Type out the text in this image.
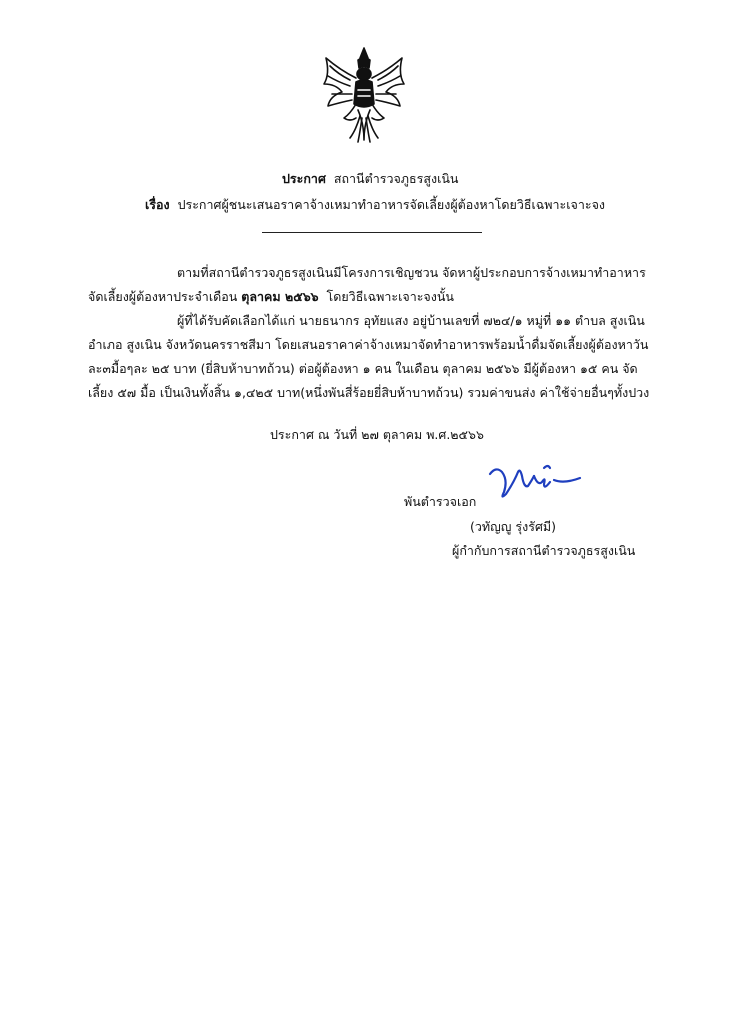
ประกาศ สถานีตำรวจภูธรสูงเนิน
เรื่อง ประกาศผู้ชนะเสนอราคาจ้างเหมาทำอาหารจัดเลี้ยงผู้ต้องหาโดยวิธีเฉพาะเจาะจง
ตามที่สถานีตำรวจภูธรสูงเนินมีโครงการเชิญชวน จัดหาผู้ประกอบการจ้างเหมาทำอาหาร
จัดเลี้ยงผู้ต้องหาประจำเดือน ตุลาคม ๒๕๖๖ โดยวิธีเฉพาะเจาะจงนั้น
ผู้ที่ได้รับคัดเลือกได้แก่ นายธนากร อุทัยแสง อยู่บ้านเลขที่ ๗๒๔/๑ หมู่ที่ ๑๑ ตำบล สูงเนิน
อำเภอ สูงเนิน จังหวัดนครราชสีมา โดยเสนอราคาค่าจ้างเหมาจัดทำอาหารพร้อมน้ำดื่มจัดเลี้ยงผู้ต้องหาวัน
ละ๓มื้อๆละ ๒๕ บาท (ยี่สิบห้าบาทถ้วน) ต่อผู้ต้องหา ๑ คน ในเดือน ตุลาคม ๒๕๖๖ มีผู้ต้องหา ๑๕ คน จัด
เลี้ยง ๕๗ มื้อ เป็นเงินทั้งสิ้น ๑,๔๒๕ บาท(หนึ่งพันสี่ร้อยยี่สิบห้าบาทถ้วน) รวมค่าขนส่ง ค่าใช้จ่ายอื่นๆทั้งปวง
ประกาศ ณ วันที่ ๒๗ ตุลาคม พ.ศ.๒๕๖๖
พันตำรวจเอก
(วทัญญู รุ่งรัศมี)
ผู้กำกับการสถานีตำรวจภูธรสูงเนิน
